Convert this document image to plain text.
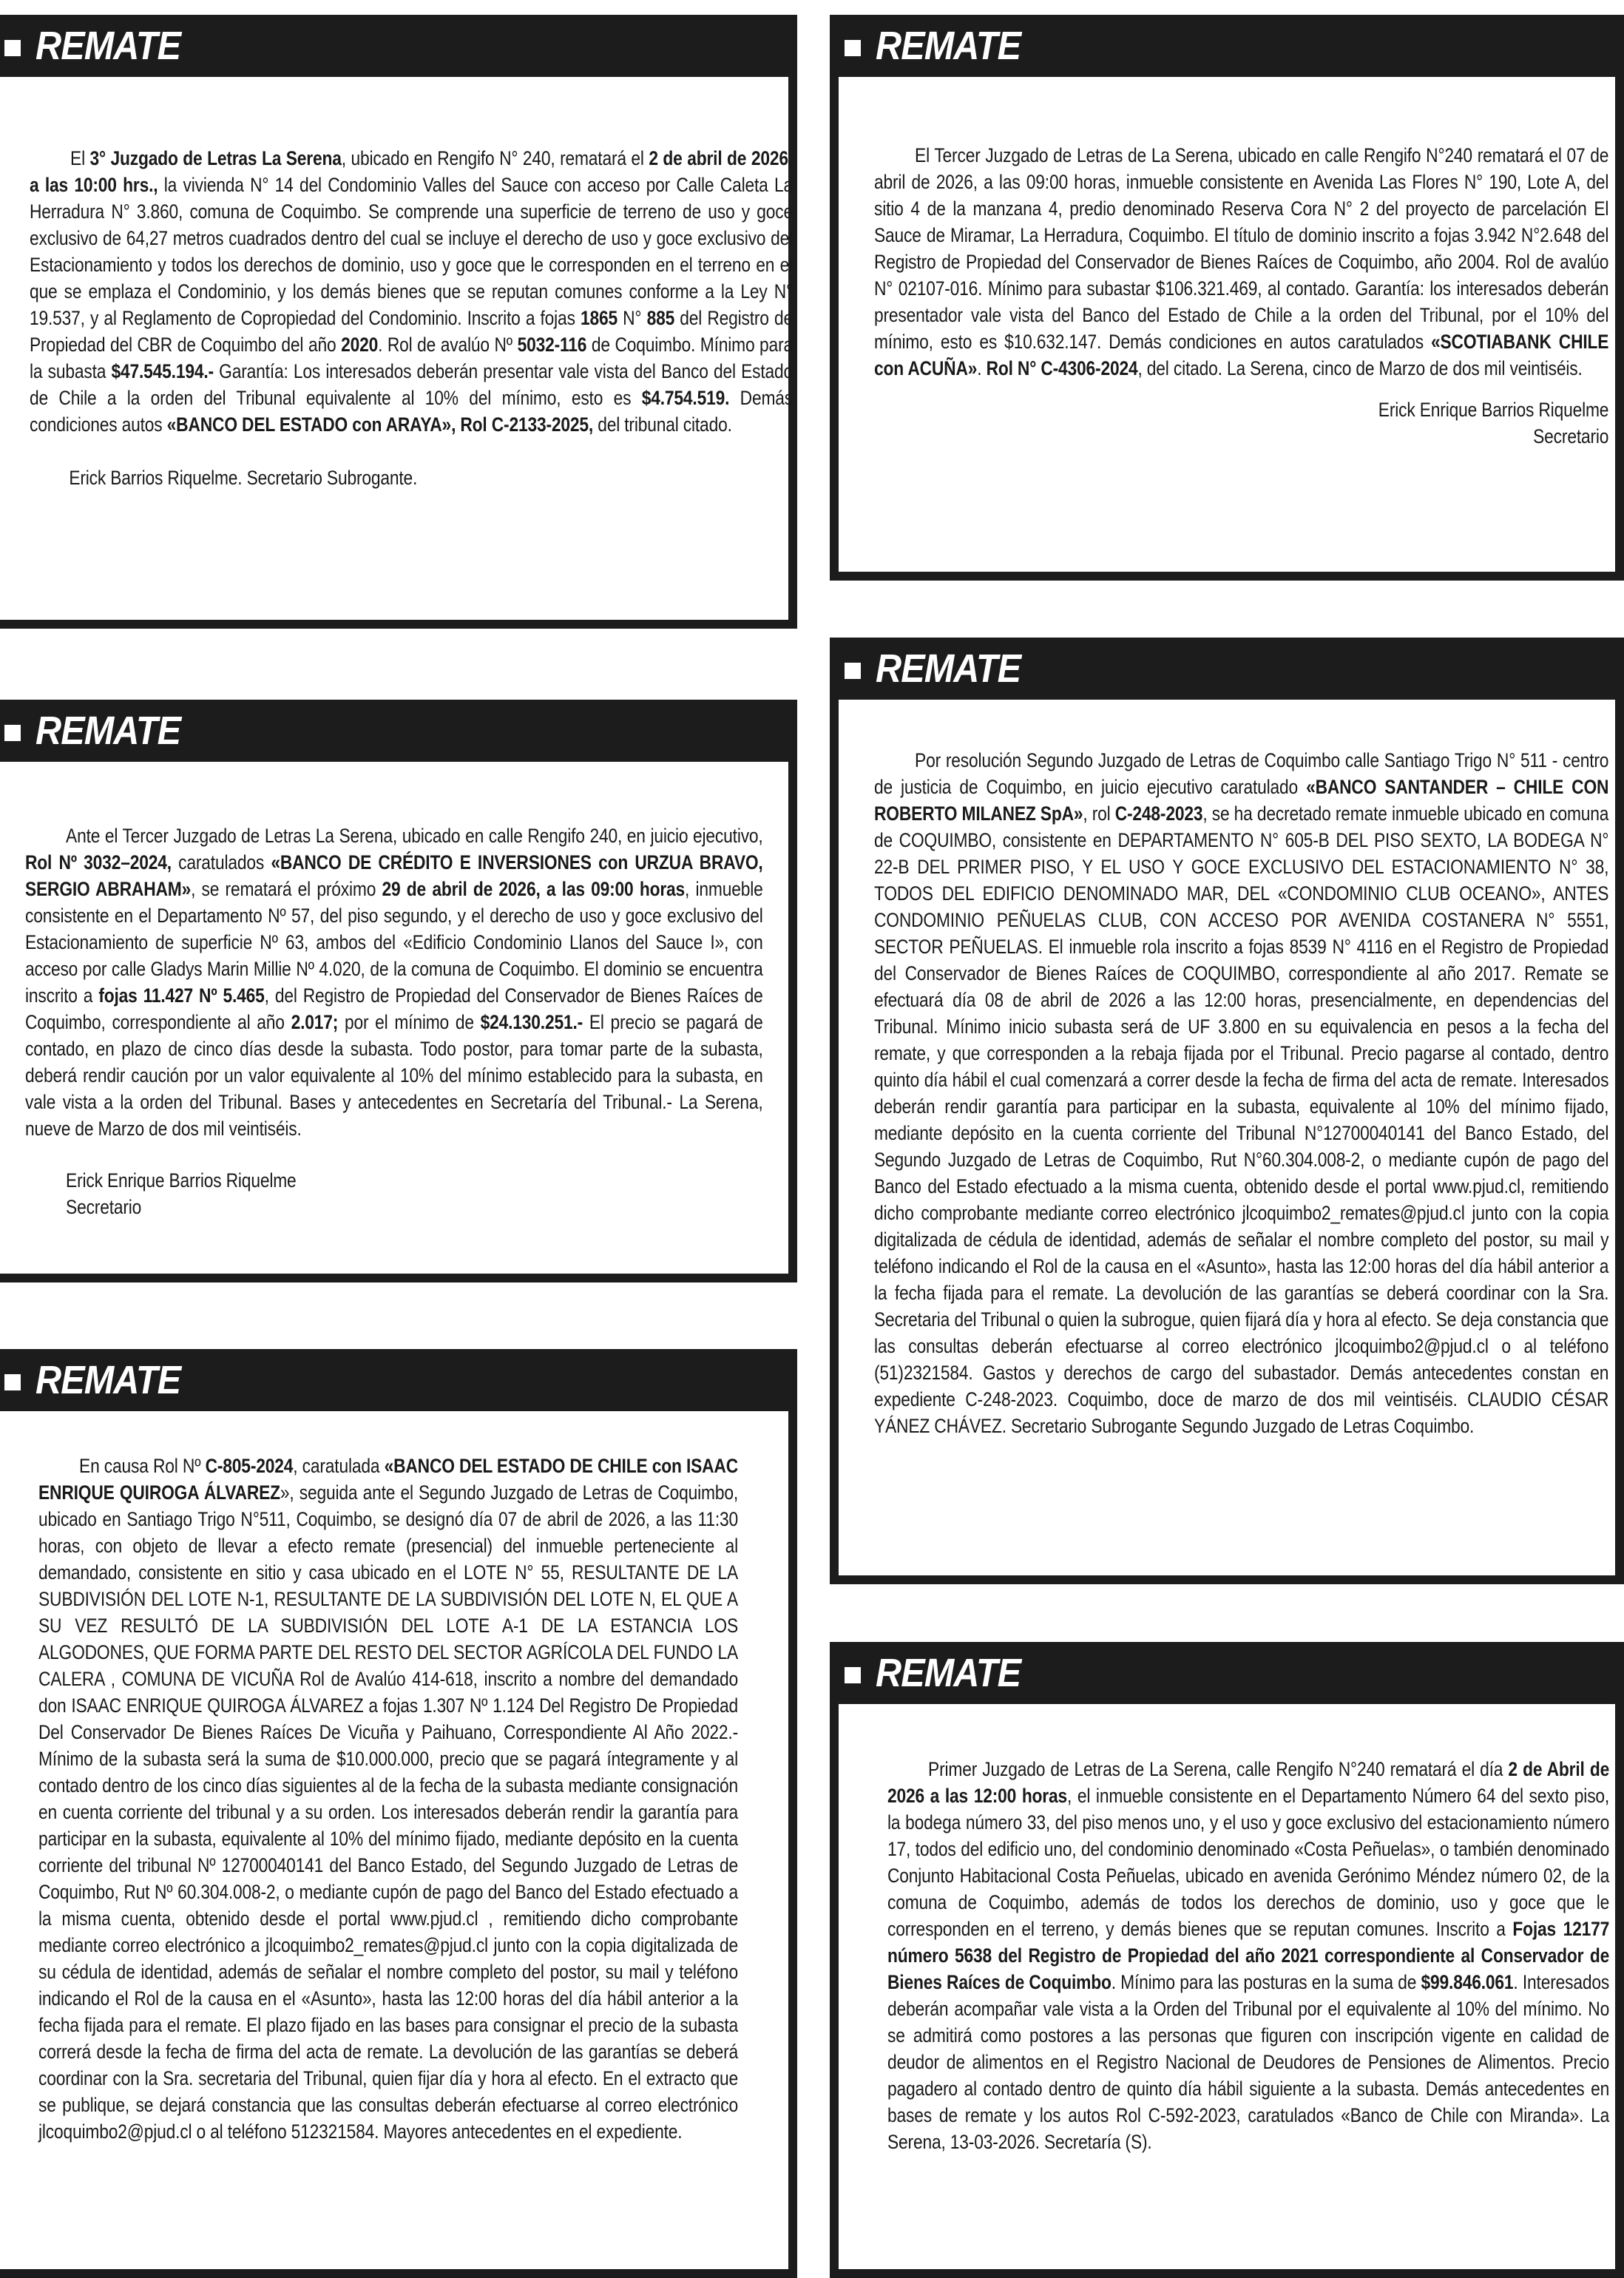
REMATE

El 3° Juzgado de Letras La Serena, ubicado en Rengifo N° 240, rematará el 2 de abril de 2026, a las 10:00 hrs., la vivienda N° 14 del Condominio Valles del Sauce con acceso por Calle Caleta La Herradura N° 3.860, comuna de Coquimbo. Se comprende una superficie de terreno de uso y goce exclusivo de 64,27 metros cuadrados dentro del cual se incluye el derecho de uso y goce exclusivo del Estacionamiento y todos los derechos de dominio, uso y goce que le corresponden en el terreno en el que se emplaza el Condominio, y los demás bienes que se reputan comunes conforme a la Ley N° 19.537, y al Reglamento de Copropiedad del Condominio. Inscrito a fojas 1865 N° 885 del Registro de Propiedad del CBR de Coquimbo del año 2020. Rol de avalúo Nº 5032-116 de Coquimbo. Mínimo para la subasta $47.545.194.- Garantía: Los interesados deberán presentar vale vista del Banco del Estado de Chile a la orden del Tribunal equivalente al 10% del mínimo, esto es $4.754.519. Demás condiciones autos «BANCO DEL ESTADO con ARAYA», Rol C-2133-2025, del tribunal citado.

Erick Barrios Riquelme. Secretario Subrogante.

REMATE

El Tercer Juzgado de Letras de La Serena, ubicado en calle Rengifo N°240 rematará el 07 de abril de 2026, a las 09:00 horas, inmueble consistente en Avenida Las Flores N° 190, Lote A, del sitio 4 de la manzana 4, predio denominado Reserva Cora N° 2 del proyecto de parcelación El Sauce de Miramar, La Herradura, Coquimbo. El título de dominio inscrito a fojas 3.942 N°2.648 del Registro de Propiedad del Conservador de Bienes Raíces de Coquimbo, año 2004. Rol de avalúo N° 02107-016. Mínimo para subastar $106.321.469, al contado. Garantía: los interesados deberán presentador vale vista del Banco del Estado de Chile a la orden del Tribunal, por el 10% del mínimo, esto es $10.632.147. Demás condiciones en autos caratulados «SCOTIABANK CHILE con ACUÑA». Rol N° C-4306-2024, del citado. La Serena, cinco de Marzo de dos mil veintiséis.

Erick Enrique Barrios Riquelme

Secretario

REMATE

Ante el Tercer Juzgado de Letras La Serena, ubicado en calle Rengifo 240, en juicio ejecutivo, Rol Nº 3032–2024, caratulados «BANCO DE CRÉDITO E INVERSIONES con URZUA BRAVO, SERGIO ABRAHAM», se rematará el próximo 29 de abril de 2026, a las 09:00 horas, inmueble consistente en el Departamento Nº 57, del piso segundo, y el derecho de uso y goce exclusivo del Estacionamiento de superficie Nº 63, ambos del «Edificio Condominio Llanos del Sauce I», con acceso por calle Gladys Marin Millie Nº 4.020, de la comuna de Coquimbo. El dominio se encuentra inscrito a fojas 11.427 Nº 5.465, del Registro de Propiedad del Conservador de Bienes Raíces de Coquimbo, correspondiente al año 2.017; por el mínimo de $24.130.251.- El precio se pagará de contado, en plazo de cinco días desde la subasta. Todo postor, para tomar parte de la subasta, deberá rendir caución por un valor equivalente al 10% del mínimo establecido para la subasta, en vale vista a la orden del Tribunal. Bases y antecedentes en Secretaría del Tribunal.- La Serena, nueve de Marzo de dos mil veintiséis.

Erick Enrique Barrios Riquelme

Secretario

REMATE

Por resolución Segundo Juzgado de Letras de Coquimbo calle Santiago Trigo N° 511 - centro de justicia de Coquimbo, en juicio ejecutivo caratulado «BANCO SANTANDER – CHILE CON ROBERTO MILANEZ SpA», rol C-248-2023, se ha decretado remate inmueble ubicado en comuna de COQUIMBO, consistente en DEPARTAMENTO N° 605-B DEL PISO SEXTO, LA BODEGA N° 22-B DEL PRIMER PISO, Y EL USO Y GOCE EXCLUSIVO DEL ESTACIONAMIENTO N° 38, TODOS DEL EDIFICIO DENOMINADO MAR, DEL «CONDOMINIO CLUB OCEANO», ANTES CONDOMINIO PEÑUELAS CLUB, CON ACCESO POR AVENIDA COSTANERA N° 5551, SECTOR PEÑUELAS. El inmueble rola inscrito a fojas 8539 N° 4116 en el Registro de Propiedad del Conservador de Bienes Raíces de COQUIMBO, correspondiente al año 2017. Remate se efectuará día 08 de abril de 2026 a las 12:00 horas, presencialmente, en dependencias del Tribunal. Mínimo inicio subasta será de UF 3.800 en su equivalencia en pesos a la fecha del remate, y que corresponden a la rebaja fijada por el Tribunal. Precio pagarse al contado, dentro quinto día hábil el cual comenzará a correr desde la fecha de firma del acta de remate. Interesados deberán rendir garantía para participar en la subasta, equivalente al 10% del mínimo fijado, mediante depósito en la cuenta corriente del Tribunal N°12700040141 del Banco Estado, del Segundo Juzgado de Letras de Coquimbo, Rut N°60.304.008-2, o mediante cupón de pago del Banco del Estado efectuado a la misma cuenta, obtenido desde el portal www.pjud.cl, remitiendo dicho comprobante mediante correo electrónico jlcoquimbo2_remates@pjud.cl junto con la copia digitalizada de cédula de identidad, además de señalar el nombre completo del postor, su mail y teléfono indicando el Rol de la causa en el «Asunto», hasta las 12:00 horas del día hábil anterior a la fecha fijada para el remate. La devolución de las garantías se deberá coordinar con la Sra. Secretaria del Tribunal o quien la subrogue, quien fijará día y hora al efecto. Se deja constancia que las consultas deberán efectuarse al correo electrónico jlcoquimbo2@pjud.cl o al teléfono (51)2321584. Gastos y derechos de cargo del subastador. Demás antecedentes constan en expediente C-248-2023. Coquimbo, doce de marzo de dos mil veintiséis. CLAUDIO CÉSAR YÁNEZ CHÁVEZ. Secretario Subrogante Segundo Juzgado de Letras Coquimbo.

REMATE

En causa Rol Nº C-805-2024, caratulada «BANCO DEL ESTADO DE CHILE con ISAAC ENRIQUE QUIROGA ÁLVAREZ», seguida ante el Segundo Juzgado de Letras de Coquimbo, ubicado en Santiago Trigo N°511, Coquimbo, se designó día 07 de abril de 2026, a las 11:30 horas, con objeto de llevar a efecto remate (presencial) del inmueble perteneciente al demandado, consistente en sitio y casa ubicado en el LOTE N° 55, RESULTANTE DE LA SUBDIVISIÓN DEL LOTE N-1, RESULTANTE DE LA SUBDIVISIÓN DEL LOTE N, EL QUE A SU VEZ RESULTÓ DE LA SUBDIVISIÓN DEL LOTE A-1 DE LA ESTANCIA LOS ALGODONES, QUE FORMA PARTE DEL RESTO DEL SECTOR AGRÍCOLA DEL FUNDO LA CALERA , COMUNA DE VICUÑA Rol de Avalúo 414-618, inscrito a nombre del demandado don ISAAC ENRIQUE QUIROGA ÁLVAREZ a fojas 1.307 Nº 1.124 Del Registro De Propiedad Del Conservador De Bienes Raíces De Vicuña y Paihuano, Correspondiente Al Año 2022.- Mínimo de la subasta será la suma de $10.000.000, precio que se pagará íntegramente y al contado dentro de los cinco días siguientes al de la fecha de la subasta mediante consignación en cuenta corriente del tribunal y a su orden. Los interesados deberán rendir la garantía para participar en la subasta, equivalente al 10% del mínimo fijado, mediante depósito en la cuenta corriente del tribunal Nº 12700040141 del Banco Estado, del Segundo Juzgado de Letras de Coquimbo, Rut Nº 60.304.008-2, o mediante cupón de pago del Banco del Estado efectuado a la misma cuenta, obtenido desde el portal www.pjud.cl , remitiendo dicho comprobante mediante correo electrónico a jlcoquimbo2_remates@pjud.cl junto con la copia digitalizada de su cédula de identidad, además de señalar el nombre completo del postor, su mail y teléfono indicando el Rol de la causa en el «Asunto», hasta las 12:00 horas del día hábil anterior a la fecha fijada para el remate. El plazo fijado en las bases para consignar el precio de la subasta correrá desde la fecha de firma del acta de remate. La devolución de las garantías se deberá coordinar con la Sra. secretaria del Tribunal, quien fijar día y hora al efecto. En el extracto que se publique, se dejará constancia que las consultas deberán efectuarse al correo electrónico jlcoquimbo2@pjud.cl o al teléfono 512321584. Mayores antecedentes en el expediente.

REMATE

Primer Juzgado de Letras de La Serena, calle Rengifo N°240 rematará el día 2 de Abril de 2026 a las 12:00 horas, el inmueble consistente en el Departamento Número 64 del sexto piso, la bodega número 33, del piso menos uno, y el uso y goce exclusivo del estacionamiento número 17, todos del edificio uno, del condominio denominado «Costa Peñuelas», o también denominado Conjunto Habitacional Costa Peñuelas, ubicado en avenida Gerónimo Méndez número 02, de la comuna de Coquimbo, además de todos los derechos de dominio, uso y goce que le corresponden en el terreno, y demás bienes que se reputan comunes. Inscrito a Fojas 12177 número 5638 del Registro de Propiedad del año 2021 correspondiente al Conservador de Bienes Raíces de Coquimbo. Mínimo para las posturas en la suma de $99.846.061. Interesados deberán acompañar vale vista a la Orden del Tribunal por el equivalente al 10% del mínimo. No se admitirá como postores a las personas que figuren con inscripción vigente en calidad de deudor de alimentos en el Registro Nacional de Deudores de Pensiones de Alimentos. Precio pagadero al contado dentro de quinto día hábil siguiente a la subasta. Demás antecedentes en bases de remate y los autos Rol C-592-2023, caratulados «Banco de Chile con Miranda». La Serena, 13-03-2026. Secretaría (S).
